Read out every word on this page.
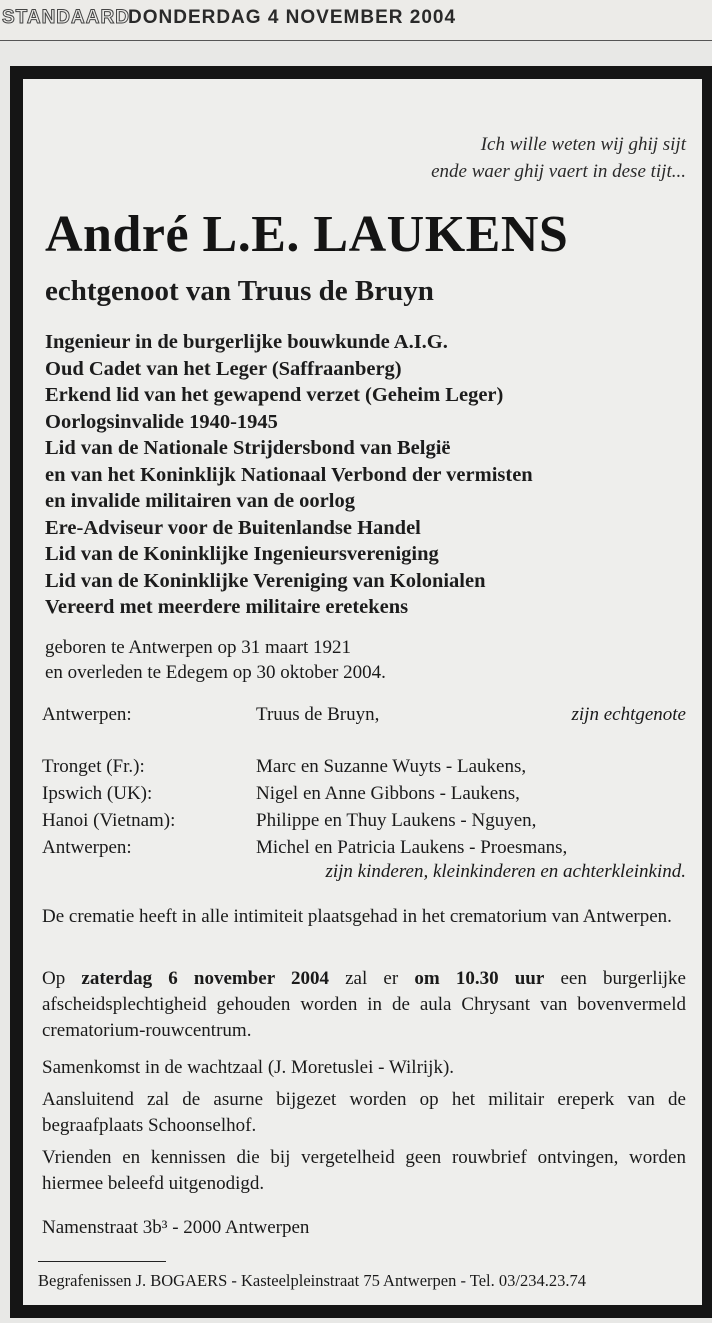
STANDAARD
DONDERDAG 4 NOVEMBER 2004
Ich wille weten wij ghij sijt
ende waer ghij vaert in dese tijt...
André L.E. LAUKENS
echtgenoot van Truus de Bruyn
Ingenieur in de burgerlijke bouwkunde A.I.G.
Oud Cadet van het Leger (Saffraanberg)
Erkend lid van het gewapend verzet (Geheim Leger)
Oorlogsinvalide 1940-1945
Lid van de Nationale Strijdersbond van België
en van het Koninklijk Nationaal Verbond der vermisten
en invalide militairen van de oorlog
Ere-Adviseur voor de Buitenlandse Handel
Lid van de Koninklijke Ingenieursvereniging
Lid van de Koninklijke Vereniging van Kolonialen
Vereerd met meerdere militaire eretekens
geboren te Antwerpen op 31 maart 1921
en overleden te Edegem op 30 oktober 2004.
Antwerpen:	Truus de Bruyn,	zijn echtgenote
Tronget (Fr.):	Marc en Suzanne Wuyts - Laukens,
Ipswich (UK):	Nigel en Anne Gibbons - Laukens,
Hanoi (Vietnam):	Philippe en Thuy Laukens - Nguyen,
Antwerpen:	Michel en Patricia Laukens - Proesmans,
zijn kinderen, kleinkinderen en achterkleinkind.

De crematie heeft in alle intimiteit plaatsgehad in het crematorium van Antwerpen.

Op zaterdag 6 november 2004 zal er om 10.30 uur een burgerlijke afscheidsplechtigheid gehouden worden in de aula Chrysant van bovenvermeld crematorium-rouwcentrum.

Samenkomst in de wachtzaal (J. Moretuslei - Wilrijk).

Aansluitend zal de asurne bijgezet worden op het militair ereperk van de begraafplaats Schoonselhof.

Vrienden en kennissen die bij vergetelheid geen rouwbrief ontvingen, worden hiermee beleefd uitgenodigd.

Namenstraat 3b³ - 2000 Antwerpen
Begrafenissen J. BOGAERS - Kasteelpleinstraat 75 Antwerpen - Tel. 03/234.23.74
